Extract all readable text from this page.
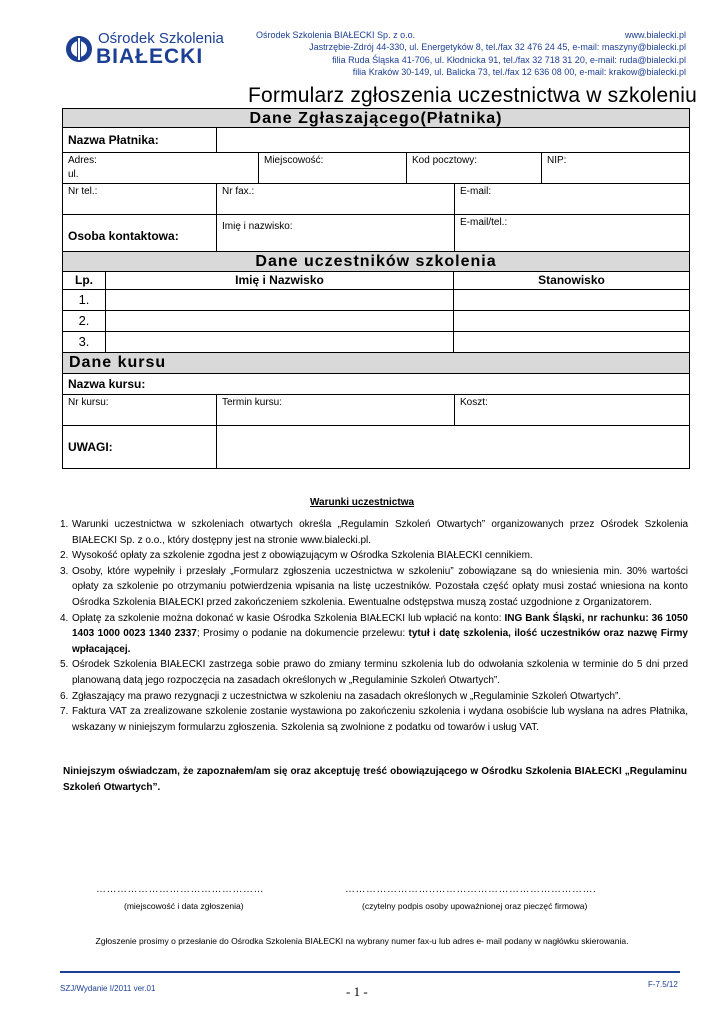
Ośrodek Szkolenia
BIAŁECKI
Ośrodek Szkolenia BIAŁECKI Sp. z o.o.	www.bialecki.pl
Jastrzębie-Zdrój 44-330, ul. Energetyków 8, tel./fax 32 476 24 45, e-mail: maszyny@bialecki.pl
filia Ruda Śląska 41-706, ul. Kłodnicka 91, tel./fax 32 718 31 20, e-mail: ruda@bialecki.pl
filia Kraków 30-149, ul. Balicka 73, tel./fax 12 636 08 00, e-mail: krakow@bialecki.pl
Formularz zgłoszenia uczestnictwa w szkoleniu
Dane Zgłaszającego(Płatnika)
Nazwa Płatnika:
Adres:
ul.
Miejscowość:	Kod pocztowy:	NIP:
Nr tel.:	Nr fax.:	E-mail:
Osoba kontaktowa:
Imię i nazwisko:	E-mail/tel.:
Dane uczestników szkolenia
Lp.	Imię i Nazwisko	Stanowisko
1.
2.
3.
Dane kursu
Nazwa kursu:
Nr kursu:	Termin kursu:	Koszt:
UWAGI:
Warunki uczestnictwa
1. Warunki uczestnictwa w szkoleniach otwartych określa „Regulamin Szkoleń Otwartych” organizowanych przez Ośrodek Szkolenia BIAŁECKI Sp. z o.o., który dostępny jest na stronie www.bialecki.pl.
2. Wysokość opłaty za szkolenie zgodna jest z obowiązującym w Ośrodka Szkolenia BIAŁECKI cennikiem.
3. Osoby, które wypełniły i przesłały „Formularz zgłoszenia uczestnictwa w szkoleniu” zobowiązane są do wniesienia min. 30% wartości opłaty za szkolenie po otrzymaniu potwierdzenia wpisania na listę uczestników. Pozostała część opłaty musi zostać wniesiona na konto Ośrodka Szkolenia BIAŁECKI przed zakończeniem szkolenia. Ewentualne odstępstwa muszą zostać uzgodnione z Organizatorem.
4. Opłatę za szkolenie można dokonać w kasie Ośrodka Szkolenia BIAŁECKI lub wpłacić na konto: ING Bank Śląski, nr rachunku: 36 1050 1403 1000 0023 1340 2337; Prosimy o podanie na dokumencie przelewu: tytuł i datę szkolenia, ilość uczestników oraz nazwę Firmy wpłacającej.
5. Ośrodek Szkolenia BIAŁECKI zastrzega sobie prawo do zmiany terminu szkolenia lub do odwołania szkolenia w terminie do 5 dni przed planowaną datą jego rozpoczęcia na zasadach określonych w „Regulaminie Szkoleń Otwartych”.
6. Zgłaszający ma prawo rezygnacji z uczestnictwa w szkoleniu na zasadach określonych w „Regulaminie Szkoleń Otwartych”.
7. Faktura VAT za zrealizowane szkolenie zostanie wystawiona po zakończeniu szkolenia i wydana osobiście lub wysłana na adres Płatnika, wskazany w niniejszym formularzu zgłoszenia. Szkolenia są zwolnione z podatku od towarów i usług VAT.
Niniejszym oświadczam, że zapoznałem/am się oraz akceptuję treść obowiązującego w Ośrodku Szkolenia BIAŁECKI „Regulaminu Szkoleń Otwartych”.
…………………………………………	……………………..……………………………………….
(miejscowość i data zgłoszenia)	(czytelny podpis osoby upoważnionej oraz pieczęć firmowa)
Zgłoszenie prosimy o przesłanie do Ośrodka Szkolenia BIAŁECKI na wybrany numer fax-u lub adres e- mail podany w nagłówku skierowania.
SZJ/Wydanie I/2011 ver.01	- 1 -	F-7.5/12
